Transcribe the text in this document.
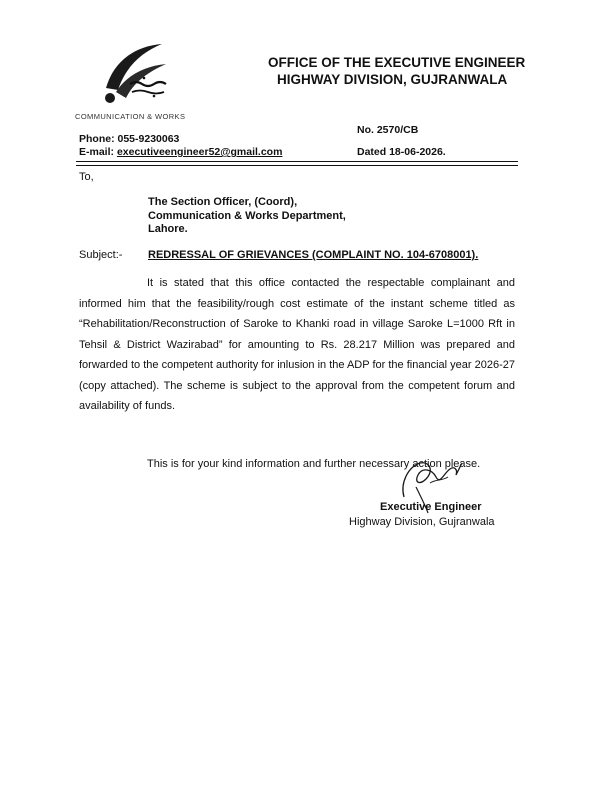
COMMUNICATION & WORKS
OFFICE OF THE EXECUTIVE ENGINEER
HIGHWAY DIVISION, GUJRANWALA
No. 2570/CB
Phone: 055-9230063
E-mail: executiveengineer52@gmail.com	Dated 18-06-2026.
To,
The Section Officer, (Coord),
Communication & Works Department,
Lahore.
Subject:- REDRESSAL OF GRIEVANCES (COMPLAINT NO. 104-6708001).

It is stated that this office contacted the respectable complainant and informed him that the feasibility/rough cost estimate of the instant scheme titled as “Rehabilitation/Reconstruction of Saroke to Khanki road in village Saroke L=1000 Rft in Tehsil & District Wazirabad” for amounting to Rs. 28.217 Million was prepared and forwarded to the competent authority for inlusion in the ADP for the financial year 2026-27 (copy attached). The scheme is subject to the approval from the competent forum and availability of funds.

This is for your kind information and further necessary action please.
Executive Engineer
Highway Division, Gujranwala
